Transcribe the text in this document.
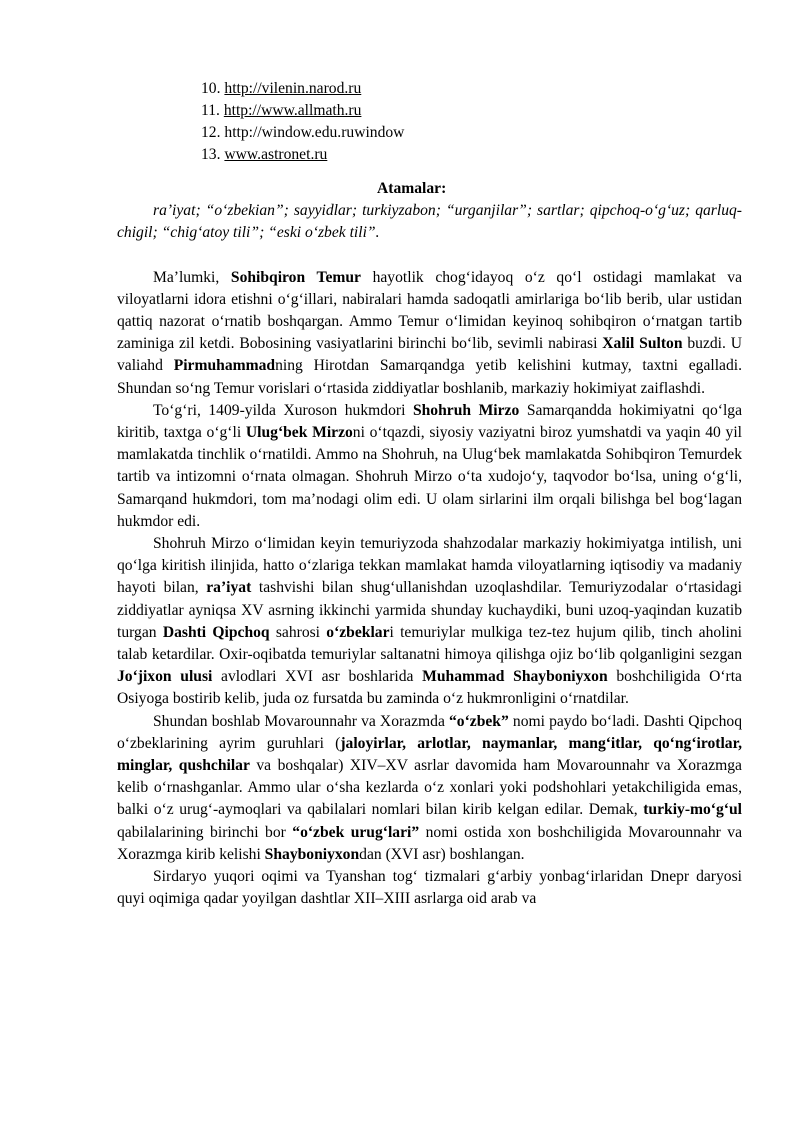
10. http://vilenin.narod.ru
11. http://www.allmath.ru
12. http://window.edu.ruwindow
13. www.astronet.ru
Atamalar:

ra’iyat; “o‘zbekian”; sayyidlar; turkiyzabon; “urganjilar”; sartlar; qipchoq-o‘g‘uz; qarluq-chigil; “chig‘atoy tili”; “eski o‘zbek tili”.

Ma’lumki, Sohibqiron Temur hayotlik chog‘idayoq o‘z qo‘l ostidagi mamlakat va viloyatlarni idora etishni o‘g‘illari, nabiralari hamda sadoqatli amirlariga bo‘lib berib, ular ustidan qattiq nazorat o‘rnatib boshqargan. Ammo Temur o‘limidan keyinoq sohibqiron o‘rnatgan tartib zaminiga zil ketdi. Bobosining vasiyatlarini birinchi bo‘lib, sevimli nabirasi Xalil Sulton buzdi. U valiahd Pirmuhammadning Hirotdan Samarqandga yetib kelishini kutmay, taxtni egalladi. Shundan so‘ng Temur vorislari o‘rtasida ziddiyatlar boshlanib, markaziy hokimiyat zaiflashdi.

To‘g‘ri, 1409-yilda Xuroson hukmdori Shohruh Mirzo Samarqandda hokimiyatni qo‘lga kiritib, taxtga o‘g‘li Ulug‘bek Mirzoni o‘tqazdi, siyosiy vaziyatni biroz yumshatdi va yaqin 40 yil mamlakatda tinchlik o‘rnatildi. Ammo na Shohruh, na Ulug‘bek mamlakatda Sohibqiron Temurdek tartib va intizomni o‘rnata olmagan. Shohruh Mirzo o‘ta xudojo‘y, taqvodor bo‘lsa, uning o‘g‘li, Samarqand hukmdori, tom ma’nodagi olim edi. U olam sirlarini ilm orqali bilishga bel bog‘lagan hukmdor edi.

Shohruh Mirzo o‘limidan keyin temuriyzoda shahzodalar markaziy hokimiyatga intilish, uni qo‘lga kiritish ilinjida, hatto o‘zlariga tekkan mamlakat hamda viloyatlarning iqtisodiy va madaniy hayoti bilan, ra’iyat tashvishi bilan shug‘ullanishdan uzoqlashdilar. Temuriyzodalar o‘rtasidagi ziddiyatlar ayniqsa XV asrning ikkinchi yarmida shunday kuchaydiki, buni uzoq-yaqindan kuzatib turgan Dashti Qipchoq sahrosi o‘zbeklari temuriylar mulkiga tez-tez hujum qilib, tinch aholini talab ketardilar. Oxir-oqibatda temuriylar saltanatni himoya qilishga ojiz bo‘lib qolganligini sezgan Jo‘jixon ulusi avlodlari XVI asr boshlarida Muhammad Shayboniyxon boshchiligida O‘rta Osiyoga bostirib kelib, juda oz fursatda bu zaminda o‘z hukmronligini o‘rnatdilar.

Shundan boshlab Movarounnahr va Xorazmda “o‘zbek” nomi paydo bo‘ladi. Dashti Qipchoq o‘zbeklarining ayrim guruhlari (jaloyirlar, arlotlar, naymanlar, mang‘itlar, qo‘ng‘irotlar, minglar, qushchilar va boshqalar) XIV–XV asrlar davomida ham Movarounnahr va Xorazmga kelib o‘rnashganlar. Ammo ular o‘sha kezlarda o‘z xonlari yoki podshohlari yetakchiligida emas, balki o‘z urug‘-aymoqlari va qabilalari nomlari bilan kirib kelgan edilar. Demak, turkiy-mo‘g‘ul qabilalarining birinchi bor “o‘zbek urug‘lari” nomi ostida xon boshchiligida Movarounnahr va Xorazmga kirib kelishi Shayboniyxondan (XVI asr) boshlangan.

Sirdaryo yuqori oqimi va Tyanshan tog‘ tizmalari g‘arbiy yonbag‘irlaridan Dnepr daryosi quyi oqimiga qadar yoyilgan dashtlar XII–XIII asrlarga oid arab va
